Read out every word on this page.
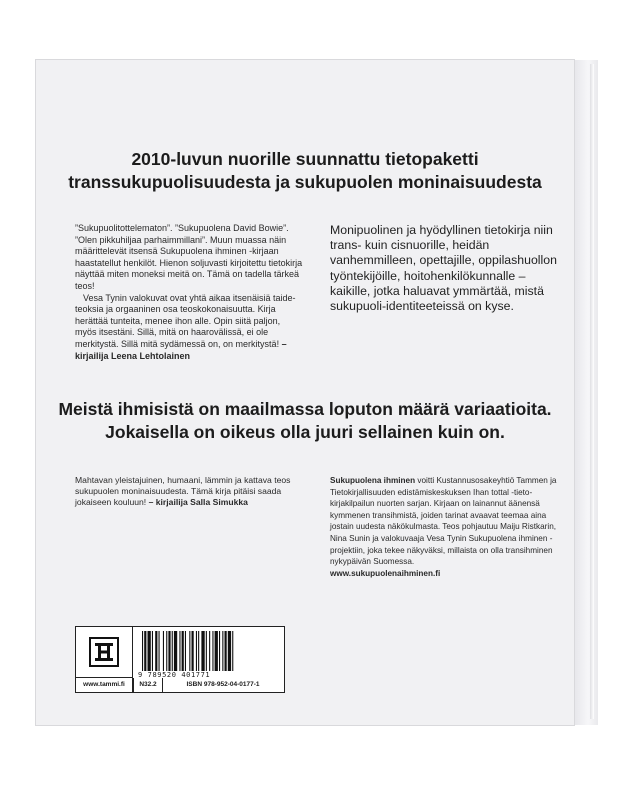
2010-luvun nuorille suunnattu tietopaketti
transsukupuolisuudesta ja sukupuolen moninaisuudesta

”Sukupuolitottelematon”. ”Sukupuolena David Bowie”. ”Olen pikkuhiljaa parhaimmillani”. Muun muassa näin määrittelevät itsensä Sukupuolena ihminen -kirjaan haastatellut henkilöt. Hienon soljuvasti kirjoitettu tietokirja näyttää miten moneksi meitä on. Tämä on tadella tärkeä teos!

Vesa Tynin valokuvat ovat yhtä aikaa itsenäisiä taide- teoksia ja orgaaninen osa teoskokonaisuutta. Kirja herättää tunteita, menee ihon alle. Opin siitä paljon, myös itsestäni. Sillä, mitä on haarovälissä, ei ole merkitystä. Sillä mitä sydämessä on, on merkitystä! – kirjailija Leena Lehtolainen

Monipuolinen ja hyödyllinen tietokirja niin trans- kuin cisnuorille, heidän vanhemmilleen, opettajille, oppilashuollon työntekijöille, hoitohenkilökunnalle – kaikille, jotka haluavat ymmärtää, mistä sukupuoli-identiteeteissä on kyse.
Meistä ihmisistä on maailmassa loputon määrä variaatioita.
Jokaisella on oikeus olla juuri sellainen kuin on.
Mahtavan yleistajuinen, humaani, lämmin ja kattava teos sukupuolen moninaisuudesta. Tämä kirja pitäisi saada jokaiseen kouluun! – kirjailija Salla Simukka
Sukupuolena ihminen voitti Kustannusosakeyhtiö Tammen ja Tietokirjallisuuden edistämiskeskuksen Ihan tottal -tieto- kirjakilpailun nuorten sarjan. Kirjaan on lainannut äänensä kymmenen transihmistä, joiden tarinat avaavat teemaa aina jostain uudesta näkökulmasta. Teos pohjautuu Maiju Ristkarin, Nina Sunin ja valokuvaaja Vesa Tynin Sukupuolena ihminen -projektiin, joka tekee näkyväksi, millaista on olla transihminen nykypäivän Suomessa.
www.sukupuolenaihminen.fi
www.tammi.fi
9 789520 401771
N32.2	ISBN 978-952-04-0177-1
